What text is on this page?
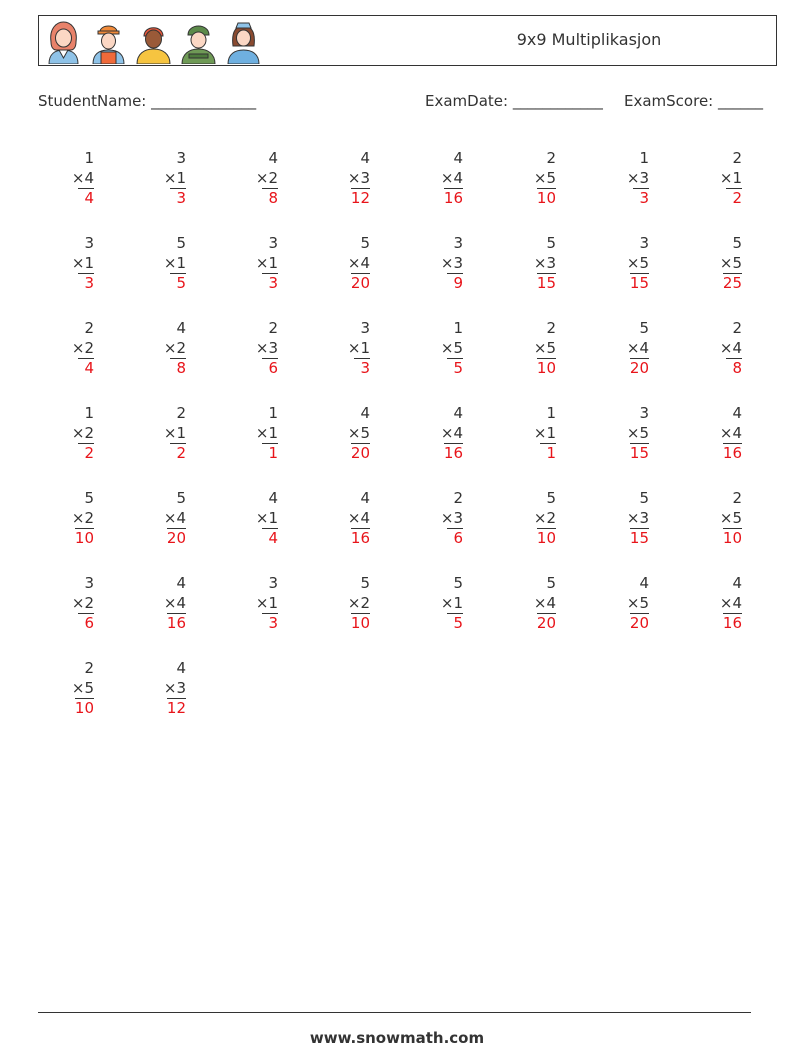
9x9 Multiplikasjon
StudentName: ______________	ExamDate: ____________ ExamScore: ______
1
×4
4
3
×1
3
4
×2
8
4
×3
12
4
×4
16
2
×5
10
1
×3
3
2
×1
2
3
×1
3
5
×1
5
3
×1
3
5
×4
20
3
×3
9
5
×3
15
3
×5
15
5
×5
25
2
×2
4
4
×2
8
2
×3
6
3
×1
3
1
×5
5
2
×5
10
5
×4
20
2
×4
8
1
×2
2
2
×1
2
1
×1
1
4
×5
20
4
×4
16
1
×1
1
3
×5
15
4
×4
16
5
×2
10
5
×4
20
4
×1
4
4
×4
16
2
×3
6
5
×2
10
5
×3
15
2
×5
10
3
×2
6
4
×4
16
3
×1
3
5
×2
10
5
×1
5
5
×4
20
4
×5
20
4
×4
16
2
×5
10
4
×3
12
www.snowmath.com
